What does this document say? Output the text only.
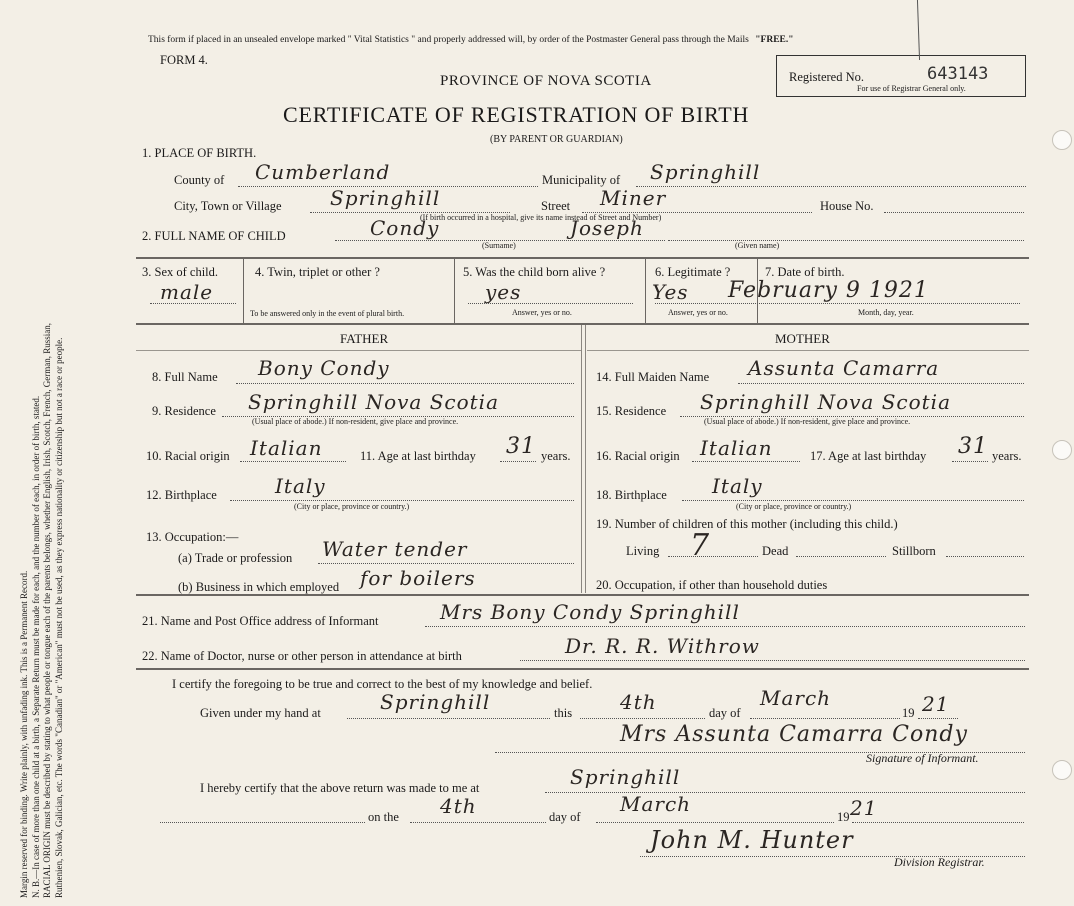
Margin reserved for binding. Write plainly, with unfading ink. This is a Permanent Record. N. B.—In case of more than one child at a birth, a Separate Return must be made for each, and the number of each, in order of birth, stated. RACIAL ORIGIN must be described by stating to what people or tongue each of the parents belongs, whether English, Irish, Scotch, French, German, Russian, Ruthenien, Slovak, Galician, etc. The words "Canadian" or "American" must not be used, as they express nationality or citizenship but not a race or people.
This form if placed in an unsealed envelope marked " Vital Statistics " and properly addressed will, by order of the Postmaster General pass through the Mails "FREE."
FORM 4.
PROVINCE OF NOVA SCOTIA
CERTIFICATE OF REGISTRATION OF BIRTH
(BY PARENT OR GUARDIAN)
Registered No.	643143
For use of Registrar General only.
1. PLACE OF BIRTH.
County of Cumberland	Municipality of Springhill
City, Town or Village Springhill	Street Miner
(If birth occurred in a hospital, give its name instead of Street and Number)
House No.
2. FULL NAME OF CHILD	Condy
(Surname)
Joseph
(Given name)
3. Sex of child.
male
4. Twin, triplet or other ?
To be answered only in the event of plural birth.
5. Was the child born alive ?
yes
Answer, yes or no.
6. Legitimate ?
Yes
Answer, yes or no.
7. Date of birth.
February 9 1921
Month, day, year.
FATHER	MOTHER
8. Full Name Bony Condy
9. Residence Springhill Nova Scotia
(Usual place of abode.) If non-resident, give place and province.
10. Racial origin Italian	11. Age at last birthday 31 years.
12. Birthplace	Italy
(City or place, province or country.)
13. Occupation:—
(a) Trade or profession Water tender
(b) Business in which employed for boilers
14. Full Maiden Name Assunta Camarra
15. Residence Springhill Nova Scotia
(Usual place of abode.) If non-resident, give place and province.
16. Racial origin Italian	17. Age at last birthday 31 years.
18. Birthplace Italy
(City or place, province or country.)
19. Number of children of this mother (including this child.)
Living 7	Dead	Stillborn
20. Occupation, if other than household duties
21. Name and Post Office address of Informant	Mrs Bony Condy Springhill
22. Name of Doctor, nurse or other person in attendance at birth	Dr. R. R. Withrow
I certify the foregoing to be true and correct to the best of my knowledge and belief.
Given under my hand at	Springhill	this 4th	day of
March
19 21
Mrs Assunta Camarra Condy
Signature of Informant.
I hereby certify that the above return was made to me at	Springhill
on the 4th	day of
March
19 21
John M. Hunter
Division Registrar.
